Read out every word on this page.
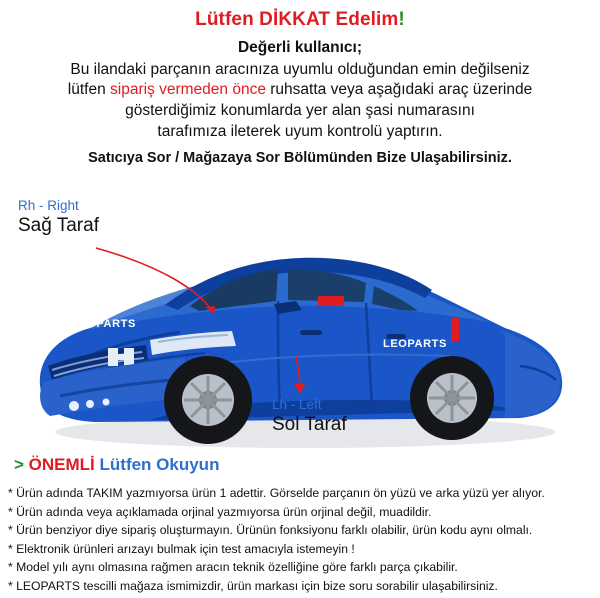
Lütfen DİKKAT Edelim!
Değerli kullanıcı;
Bu ilandaki parçanın aracınıza uyumlu olduğundan emin değilseniz
lütfen sipariş vermeden önce ruhsatta veya aşağıdaki araç üzerinde
gösterdiğimiz konumlarda yer alan şasi numarasını
tarafımıza ileterek uyum kontrolü yaptırın.
Satıcıya Sor / Mağazaya Sor Bölümünden Bize Ulaşabilirsiniz.
Rh - Right
Sağ Taraf
Lh - Left
Sol Taraf
LEOPARTS
LEOPARTS
> ÖNEMLİ Lütfen Okuyun
* Ürün adında TAKIM yazmıyorsa ürün 1 adettir. Görselde parçanın ön yüzü ve arka yüzü yer alıyor.
* Ürün adında veya açıklamada orjinal yazmıyorsa ürün orjinal değil, muadildir.
* Ürün benziyor diye sipariş oluşturmayın. Ürünün fonksiyonu farklı olabilir, ürün kodu aynı olmalı.
* Elektronik ürünleri arızayı bulmak için test amacıyla istemeyin !
* Model yılı aynı olmasına rağmen aracın teknik özelliğine göre farklı parça çıkabilir.
* LEOPARTS tescilli mağaza ismimizdir, ürün markası için bize soru sorabilir ulaşabilirsiniz.
